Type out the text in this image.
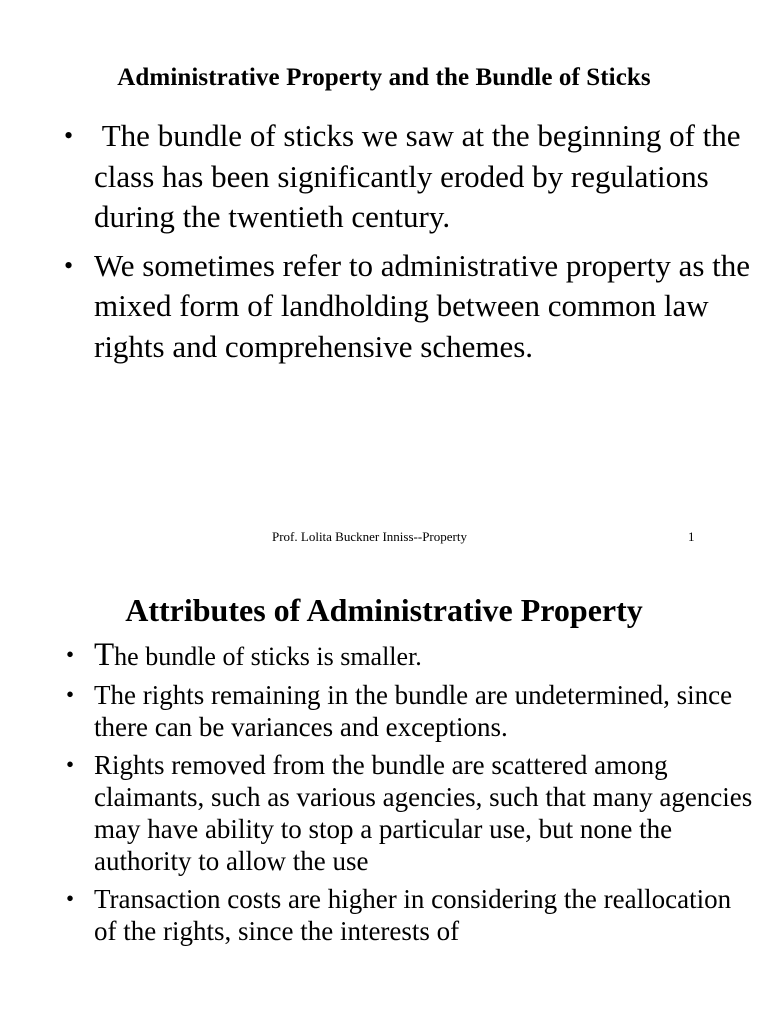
Administrative Property and the Bundle of Sticks
• The bundle of sticks we saw at the beginning of the class has been significantly eroded by regulations during the twentieth century.
• We sometimes refer to administrative property as the mixed form of landholding between common law rights and comprehensive schemes.
Prof. Lolita Buckner Inniss--Property	1
Attributes of Administrative Property
• The bundle of sticks is smaller.
• The rights remaining in the bundle are undetermined, since there can be variances and exceptions.
• Rights removed from the bundle are scattered among claimants, such as various agencies, such that many agencies may have ability to stop a particular use, but none the authority to allow the use
• Transaction costs are higher in considering the reallocation of the rights, since the interests of
